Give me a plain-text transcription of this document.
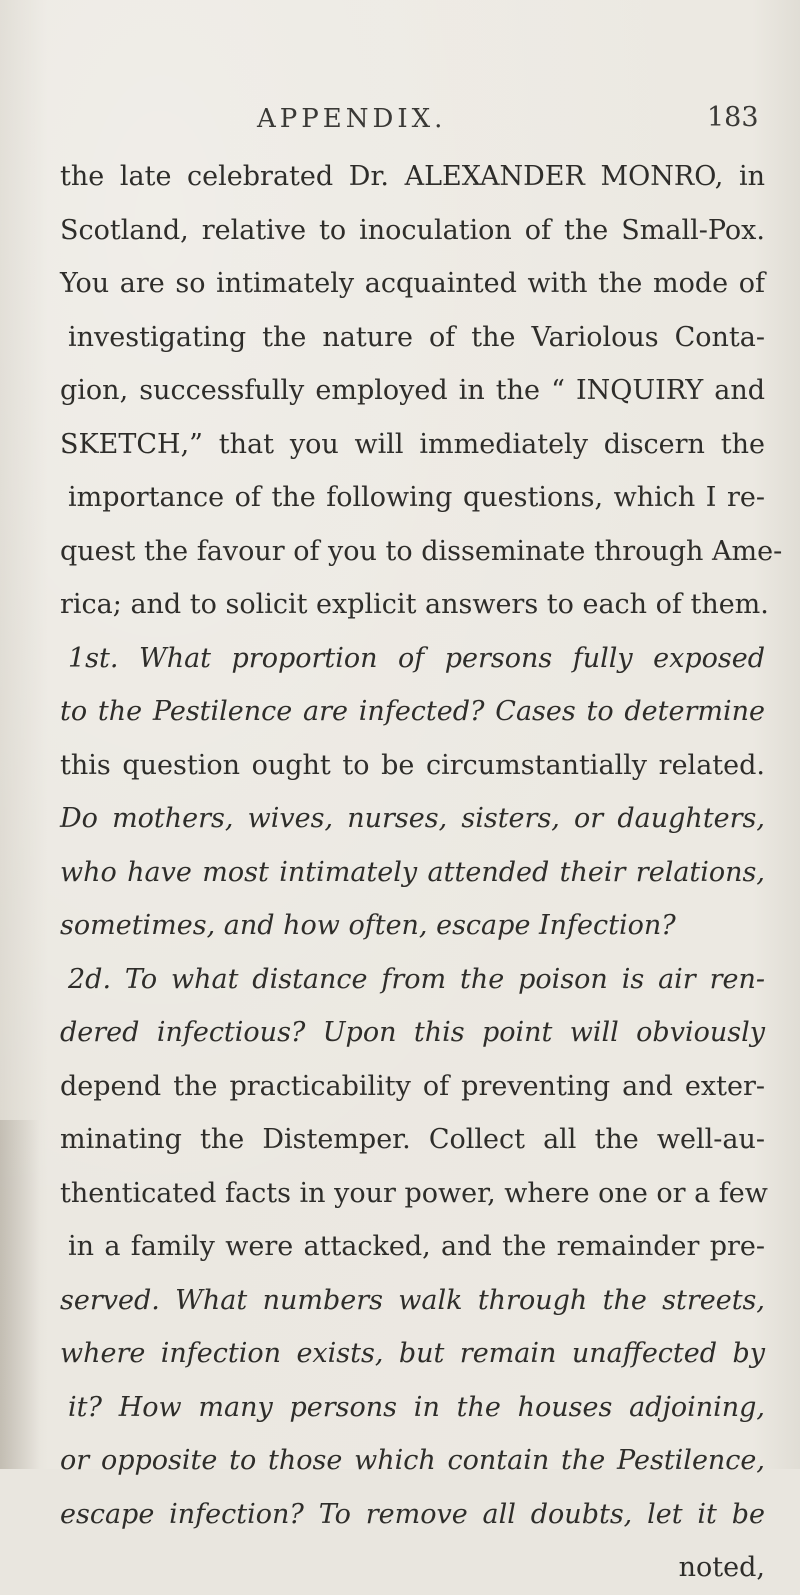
APPENDIX.	183
the late celebrated Dr. ALEXANDER MONRO, in
Scotland, relative to inoculation of the Small-Pox.
You are so intimately acquainted with the mode of
investigating the nature of the Variolous Conta-
gion, successfully employed in the “ INQUIRY and
SKETCH,” that you will immediately discern the
importance of the following questions, which I re-
quest the favour of you to disseminate through Ame-
rica; and to solicit explicit answers to each of them.
1st. What proportion of persons fully exposed
to the Pestilence are infected? Cases to determine
this question ought to be circumstantially related.
Do mothers, wives, nurses, sisters, or daughters,
who have most intimately attended their relations,
sometimes, and how often, escape Infection?
2d. To what distance from the poison is air ren-
dered infectious? Upon this point will obviously
depend the practicability of preventing and exter-
minating the Distemper. Collect all the well-au-
thenticated facts in your power, where one or a few
in a family were attacked, and the remainder pre-
served. What numbers walk through the streets,
where infection exists, but remain unaffected by
it? How many persons in the houses adjoining,
or opposite to those which contain the Pestilence,
escape infection? To remove all doubts, let it be
noted,
